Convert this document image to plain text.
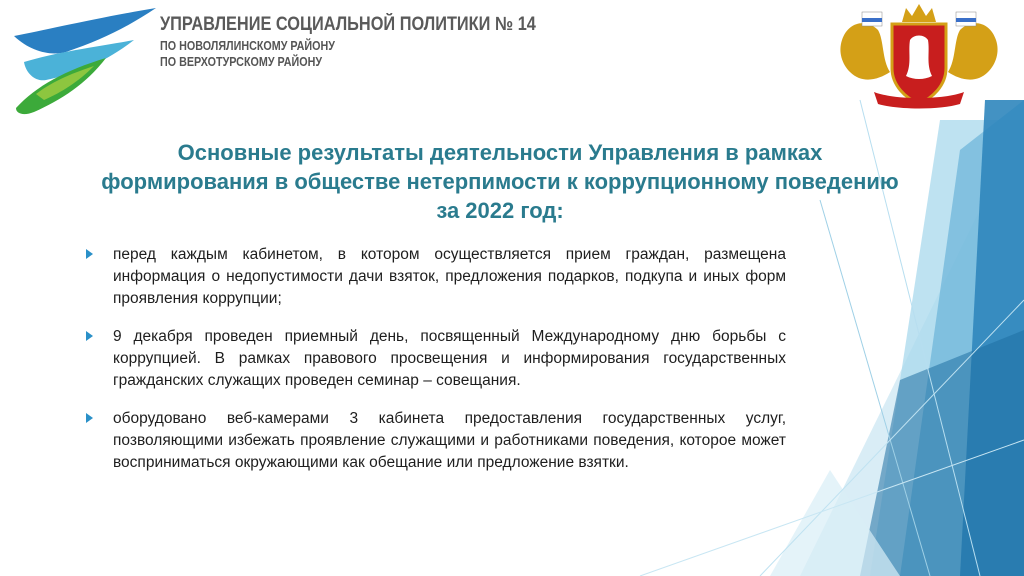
УПРАВЛЕНИЕ СОЦИАЛЬНОЙ ПОЛИТИКИ № 14
ПО НОВОЛЯЛИНСКОМУ РАЙОНУ
ПО ВЕРХОТУРСКОМУ РАЙОНУ
Основные результаты деятельности Управления в рамках
формирования в обществе нетерпимости к коррупционному поведению
за 2022 год:
перед каждым кабинетом, в котором осуществляется прием граждан, размещена информация о недопустимости дачи взяток, предложения подарков, подкупа и иных форм проявления коррупции;
9 декабря проведен приемный день, посвященный Международному дню борьбы с коррупцией. В рамках правового просвещения и информирования государственных гражданских служащих проведен семинар – совещания.
оборудовано веб-камерами 3 кабинета предоставления государственных услуг, позволяющими избежать проявление служащими и работниками поведения, которое может восприниматься окружающими как обещание или предложение взятки.
